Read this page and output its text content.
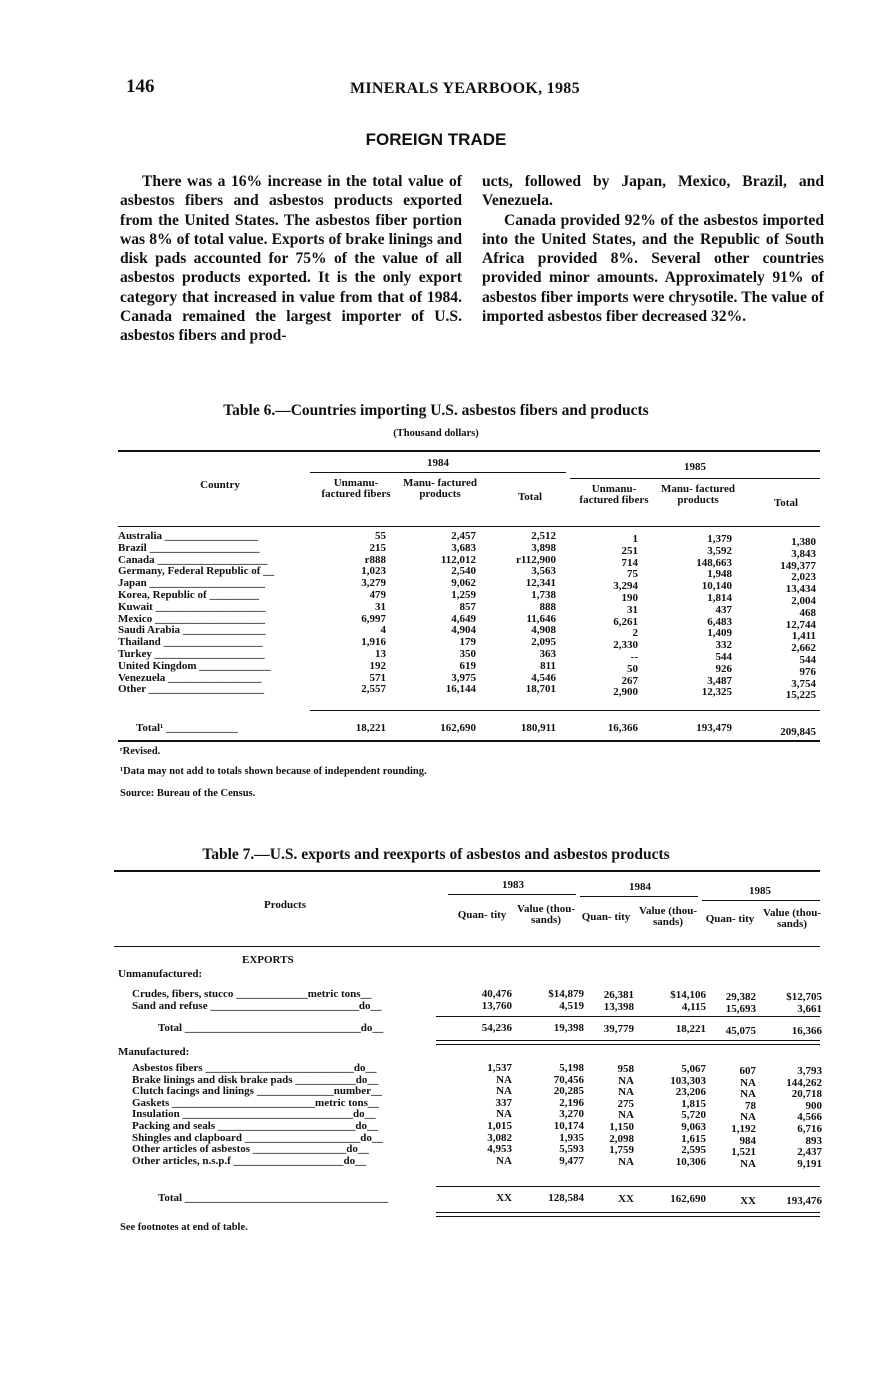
146	MINERALS YEARBOOK, 1985
FOREIGN TRADE

There was a 16% increase in the total value of asbestos fibers and asbestos products exported from the United States. The asbestos fiber portion was 8% of total value. Exports of brake linings and disk pads accounted for 75% of the value of all asbestos products exported. It is the only export category that increased in value from that of 1984. Canada remained the largest importer of U.S. asbestos fibers and prod-

ucts, followed by Japan, Mexico, Brazil, and Venezuela.

Canada provided 92% of the asbestos imported into the United States, and the Republic of South Africa provided 8%. Several other countries provided minor amounts. Approximately 91% of asbestos fiber imports were chrysotile. The value of imported asbestos fiber decreased 32%.

Table 6.—Countries importing U.S. asbestos fibers and products
(Thousand dollars)
Country
1984	1985
Unmanu- factured fibers
Manu- factured products	Total
Unmanu- factured fibers
Manu- factured products	Total
Australia _________________	55	2,457	2,512	1	1,379	1,380
Brazil ____________________	215	3,683	3,898	251	3,592	3,843
Canada ____________________	r888	112,012	r112,900	714	148,663	149,377
Germany, Federal Republic of __	1,023	2,540	3,563	75	1,948	2,023
Japan _____________________	3,279	9,062	12,341	3,294	10,140	13,434
Korea, Republic of _________	479	1,259	1,738	190	1,814	2,004
Kuwait ____________________	31	857	888	31	437	468
Mexico ____________________	6,997	4,649	11,646	6,261	6,483	12,744
Saudi Arabia _______________	4	4,904	4,908	2	1,409	1,411
Thailand __________________	1,916	179	2,095	2,330	332	2,662
Turkey ____________________	13	350	363	--	544	544
United Kingdom _____________	192	619	811	50	926	976
Venezuela _________________	571	3,975	4,546	267	3,487	3,754
Other _____________________	2,557	16,144	18,701	2,900	12,325	15,225
Total¹ _____________	18,221	162,690	180,911	16,366	193,479	209,845
ʳRevised.
¹Data may not add to totals shown because of independent rounding.
Source: Bureau of the Census.
Table 7.—U.S. exports and reexports of asbestos and asbestos products
Products
1983	1984	1985
Quan- tity Value (thou- sands)	Quan- tity Value (thou- sands)	Quan- tity Value (thou- sands)
EXPORTS
Unmanufactured:
Crudes, fibers, stucco _____________metric tons__	40,476	$14,879	26,381	$14,106	29,382	$12,705
Sand and refuse ___________________________do__	13,760	4,519	13,398	4,115	15,693	3,661
Total ________________________________do__	54,236	19,398	39,779	18,221	45,075	16,366
Manufactured:
Asbestos fibers ___________________________do__	1,537	5,198	958	5,067	607	3,793
Brake linings and disk brake pads ___________do__	NA	70,456	NA	103,303	NA	144,262
Clutch facings and linings ______________number__	NA	20,285	NA	23,206	NA	20,718
Gaskets __________________________metric tons__	337	2,196	275	1,815	78	900
Insulation _______________________________do__	NA	3,270	NA	5,720	NA	4,566
Packing and seals _________________________do__	1,015	10,174	1,150	9,063	1,192	6,716
Shingles and clapboard _____________________do__	3,082	1,935	2,098	1,615	984	893
Other articles of asbestos _________________do__	4,953	5,593	1,759	2,595	1,521	2,437
Other articles, n.s.p.f ____________________do__	NA	9,477	NA	10,306	NA	9,191
Total _____________________________________	XX	128,584	XX	162,690	XX	193,476
See footnotes at end of table.
